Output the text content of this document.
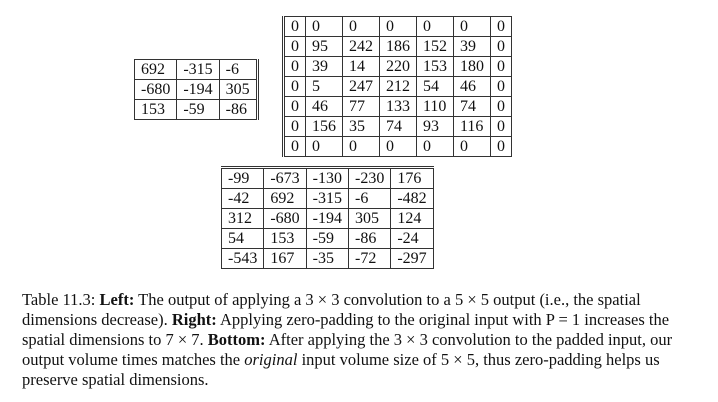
692	-315	-6
-680	-194	305
153	-59	-86
0	0	0	0	0	0	0
0	95	242	186	152	39	0
0	39	14	220	153	180	0
0	5	247	212	54	46	0
0	46	77	133	110	74	0
0	156	35	74	93	116	0
0	0	0	0	0	0	0
-99	-673	-130	-230	176
-42	692	-315	-6	-482
312	-680	-194	305	124
54	153	-59	-86	-24
-543	167	-35	-72	-297
Table 11.3: Left: The output of applying a 3 × 3 convolution to a 5 × 5 output (i.e., the spatial dimensions decrease). Right: Applying zero-padding to the original input with P = 1 increases the spatial dimensions to 7 × 7. Bottom: After applying the 3 × 3 convolution to the padded input, our output volume times matches the original input volume size of 5 × 5, thus zero-padding helps us preserve spatial dimensions.
